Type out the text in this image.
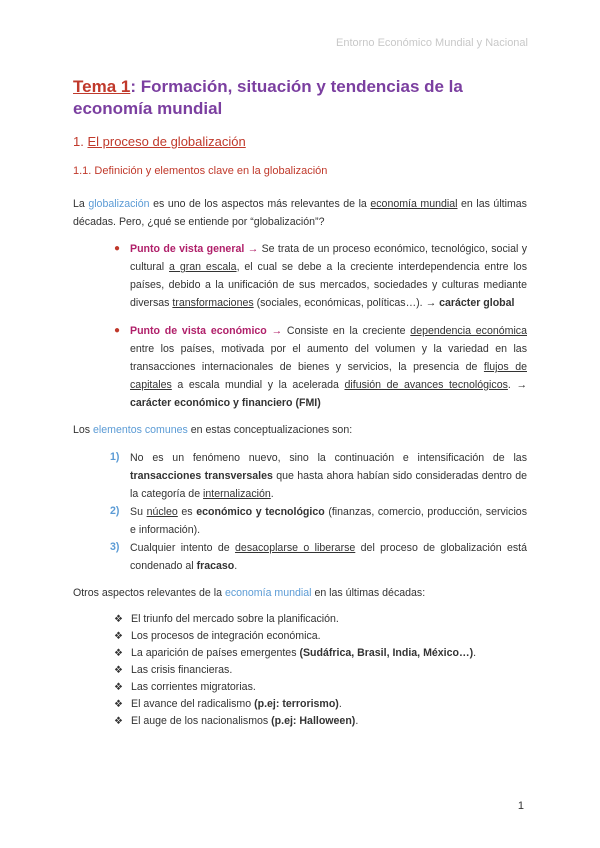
Entorno Económico Mundial y Nacional
Tema 1: Formación, situación y tendencias de la economía mundial
1. El proceso de globalización
1.1. Definición y elementos clave en la globalización
La globalización es uno de los aspectos más relevantes de la economía mundial en las últimas décadas. Pero, ¿qué se entiende por “globalización”?
● Punto de vista general → Se trata de un proceso económico, tecnológico, social y cultural a gran escala, el cual se debe a la creciente interdependencia entre los países, debido a la unificación de sus mercados, sociedades y culturas mediante diversas transformaciones (sociales, económicas, políticas…). → carácter global
● Punto de vista económico → Consiste en la creciente dependencia económica entre los países, motivada por el aumento del volumen y la variedad en las transacciones internacionales de bienes y servicios, la presencia de flujos de capitales a escala mundial y la acelerada difusión de avances tecnológicos. → carácter económico y financiero (FMI)
Los elementos comunes en estas conceptualizaciones son:
1) No es un fenómeno nuevo, sino la continuación e intensificación de las transacciones transversales que hasta ahora habían sido consideradas dentro de la categoría de internalización.
2) Su núcleo es económico y tecnológico (finanzas, comercio, producción, servicios e información).
3) Cualquier intento de desacoplarse o liberarse del proceso de globalización está condenado al fracaso.
Otros aspectos relevantes de la economía mundial en las últimas décadas:
❖ El triunfo del mercado sobre la planificación.
❖ Los procesos de integración económica.
❖ La aparición de países emergentes (Sudáfrica, Brasil, India, México…).
❖ Las crisis financieras.
❖ Las corrientes migratorias.
❖ El avance del radicalismo (p.ej: terrorismo).
❖ El auge de los nacionalismos (p.ej: Halloween).
1
